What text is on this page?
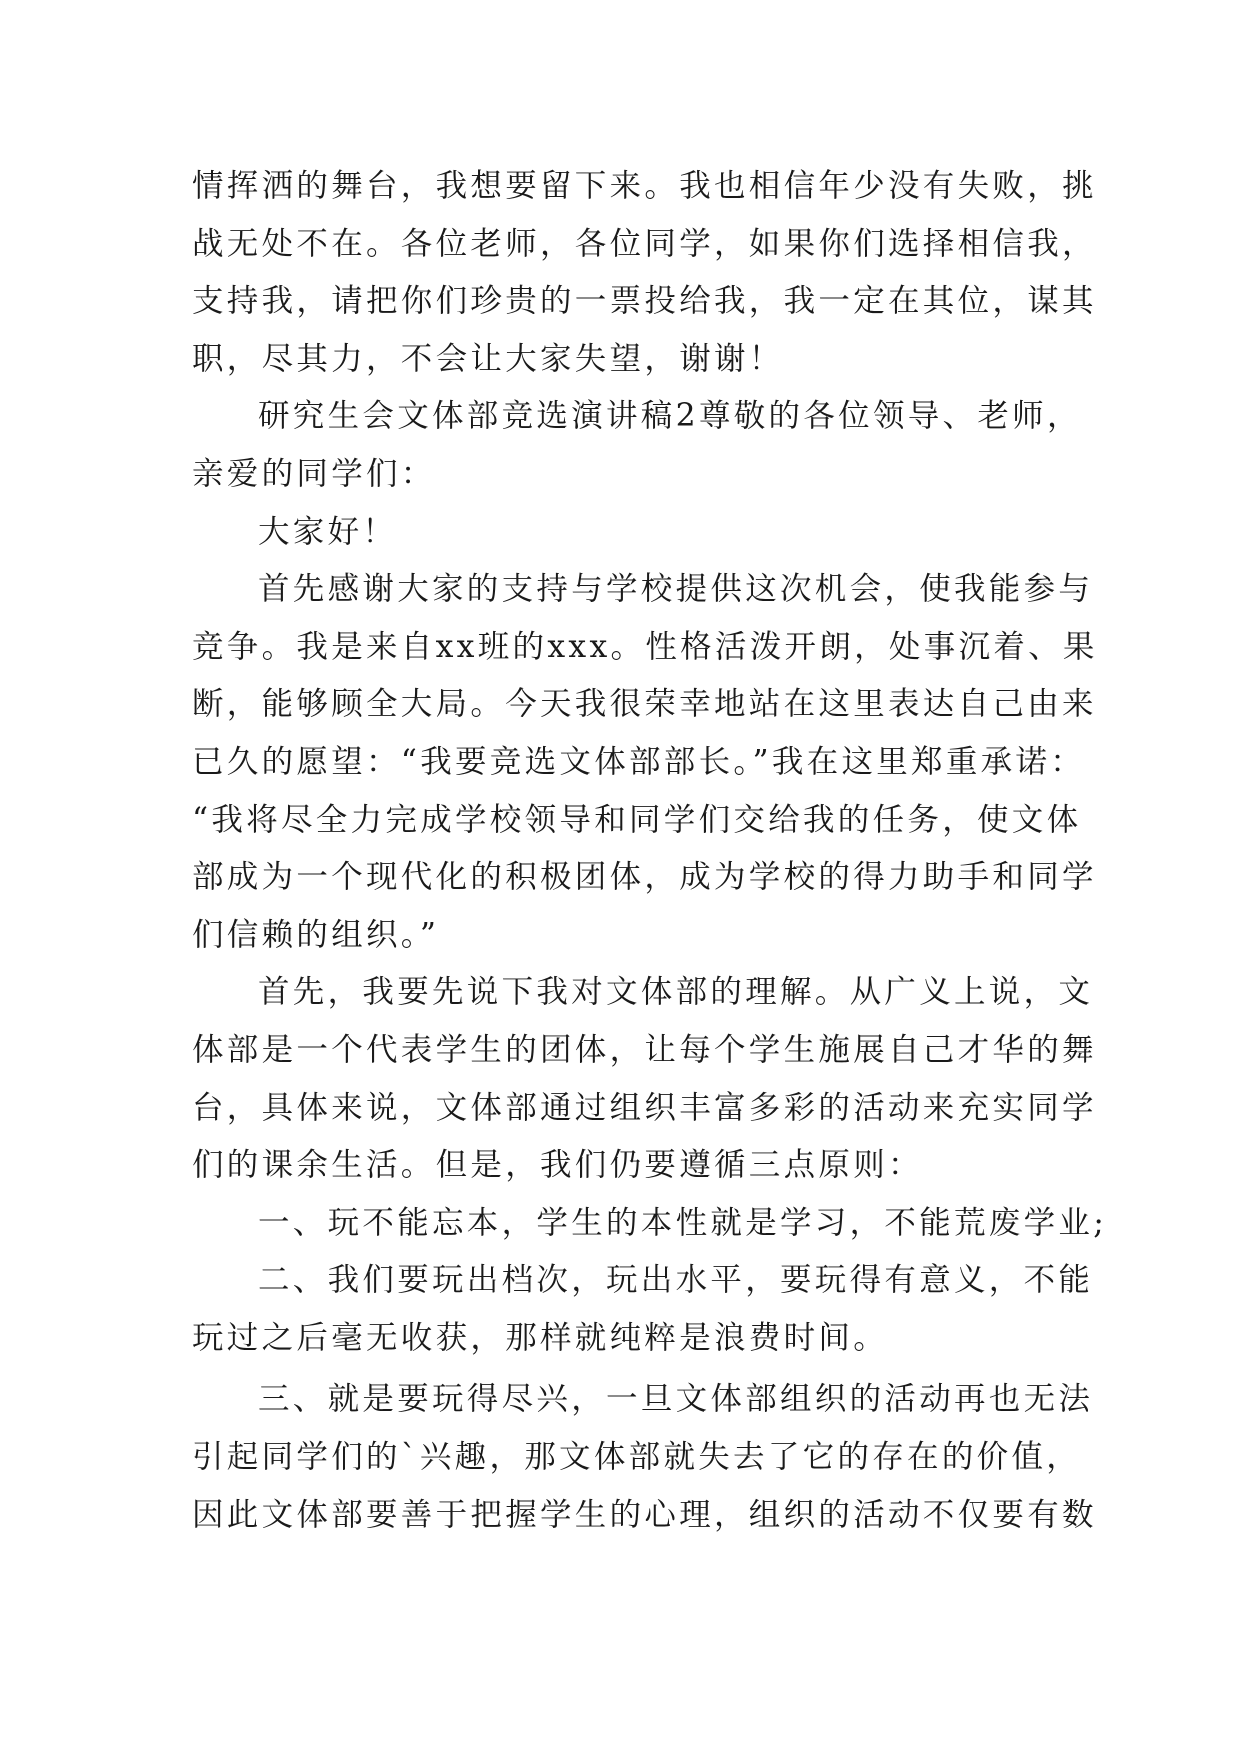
情挥洒的舞台，我想要留下来。我也相信年少没有失败，挑
战无处不在。各位老师，各位同学，如果你们选择相信我，
支持我，请把你们珍贵的一票投给我，我一定在其位，谋其
职，尽其力，不会让大家失望，谢谢！
研究生会文体部竞选演讲稿2尊敬的各位领导、老师，
亲爱的同学们：
大家好！
首先感谢大家的支持与学校提供这次机会，使我能参与
竞争。我是来自xx班的xxx。性格活泼开朗，处事沉着、果
断，能够顾全大局。今天我很荣幸地站在这里表达自己由来
已久的愿望：“我要竞选文体部部长。”我在这里郑重承诺：
“我将尽全力完成学校领导和同学们交给我的任务，使文体
部成为一个现代化的积极团体，成为学校的得力助手和同学
们信赖的组织。”
首先，我要先说下我对文体部的理解。从广义上说，文
体部是一个代表学生的团体，让每个学生施展自己才华的舞
台，具体来说，文体部通过组织丰富多彩的活动来充实同学
们的课余生活。但是，我们仍要遵循三点原则：
一、玩不能忘本，学生的本性就是学习，不能荒废学业;
二、我们要玩出档次，玩出水平，要玩得有意义，不能
玩过之后毫无收获，那样就纯粹是浪费时间。
三、就是要玩得尽兴，一旦文体部组织的活动再也无法
引起同学们的`兴趣，那文体部就失去了它的存在的价值，
因此文体部要善于把握学生的心理，组织的活动不仅要有数
